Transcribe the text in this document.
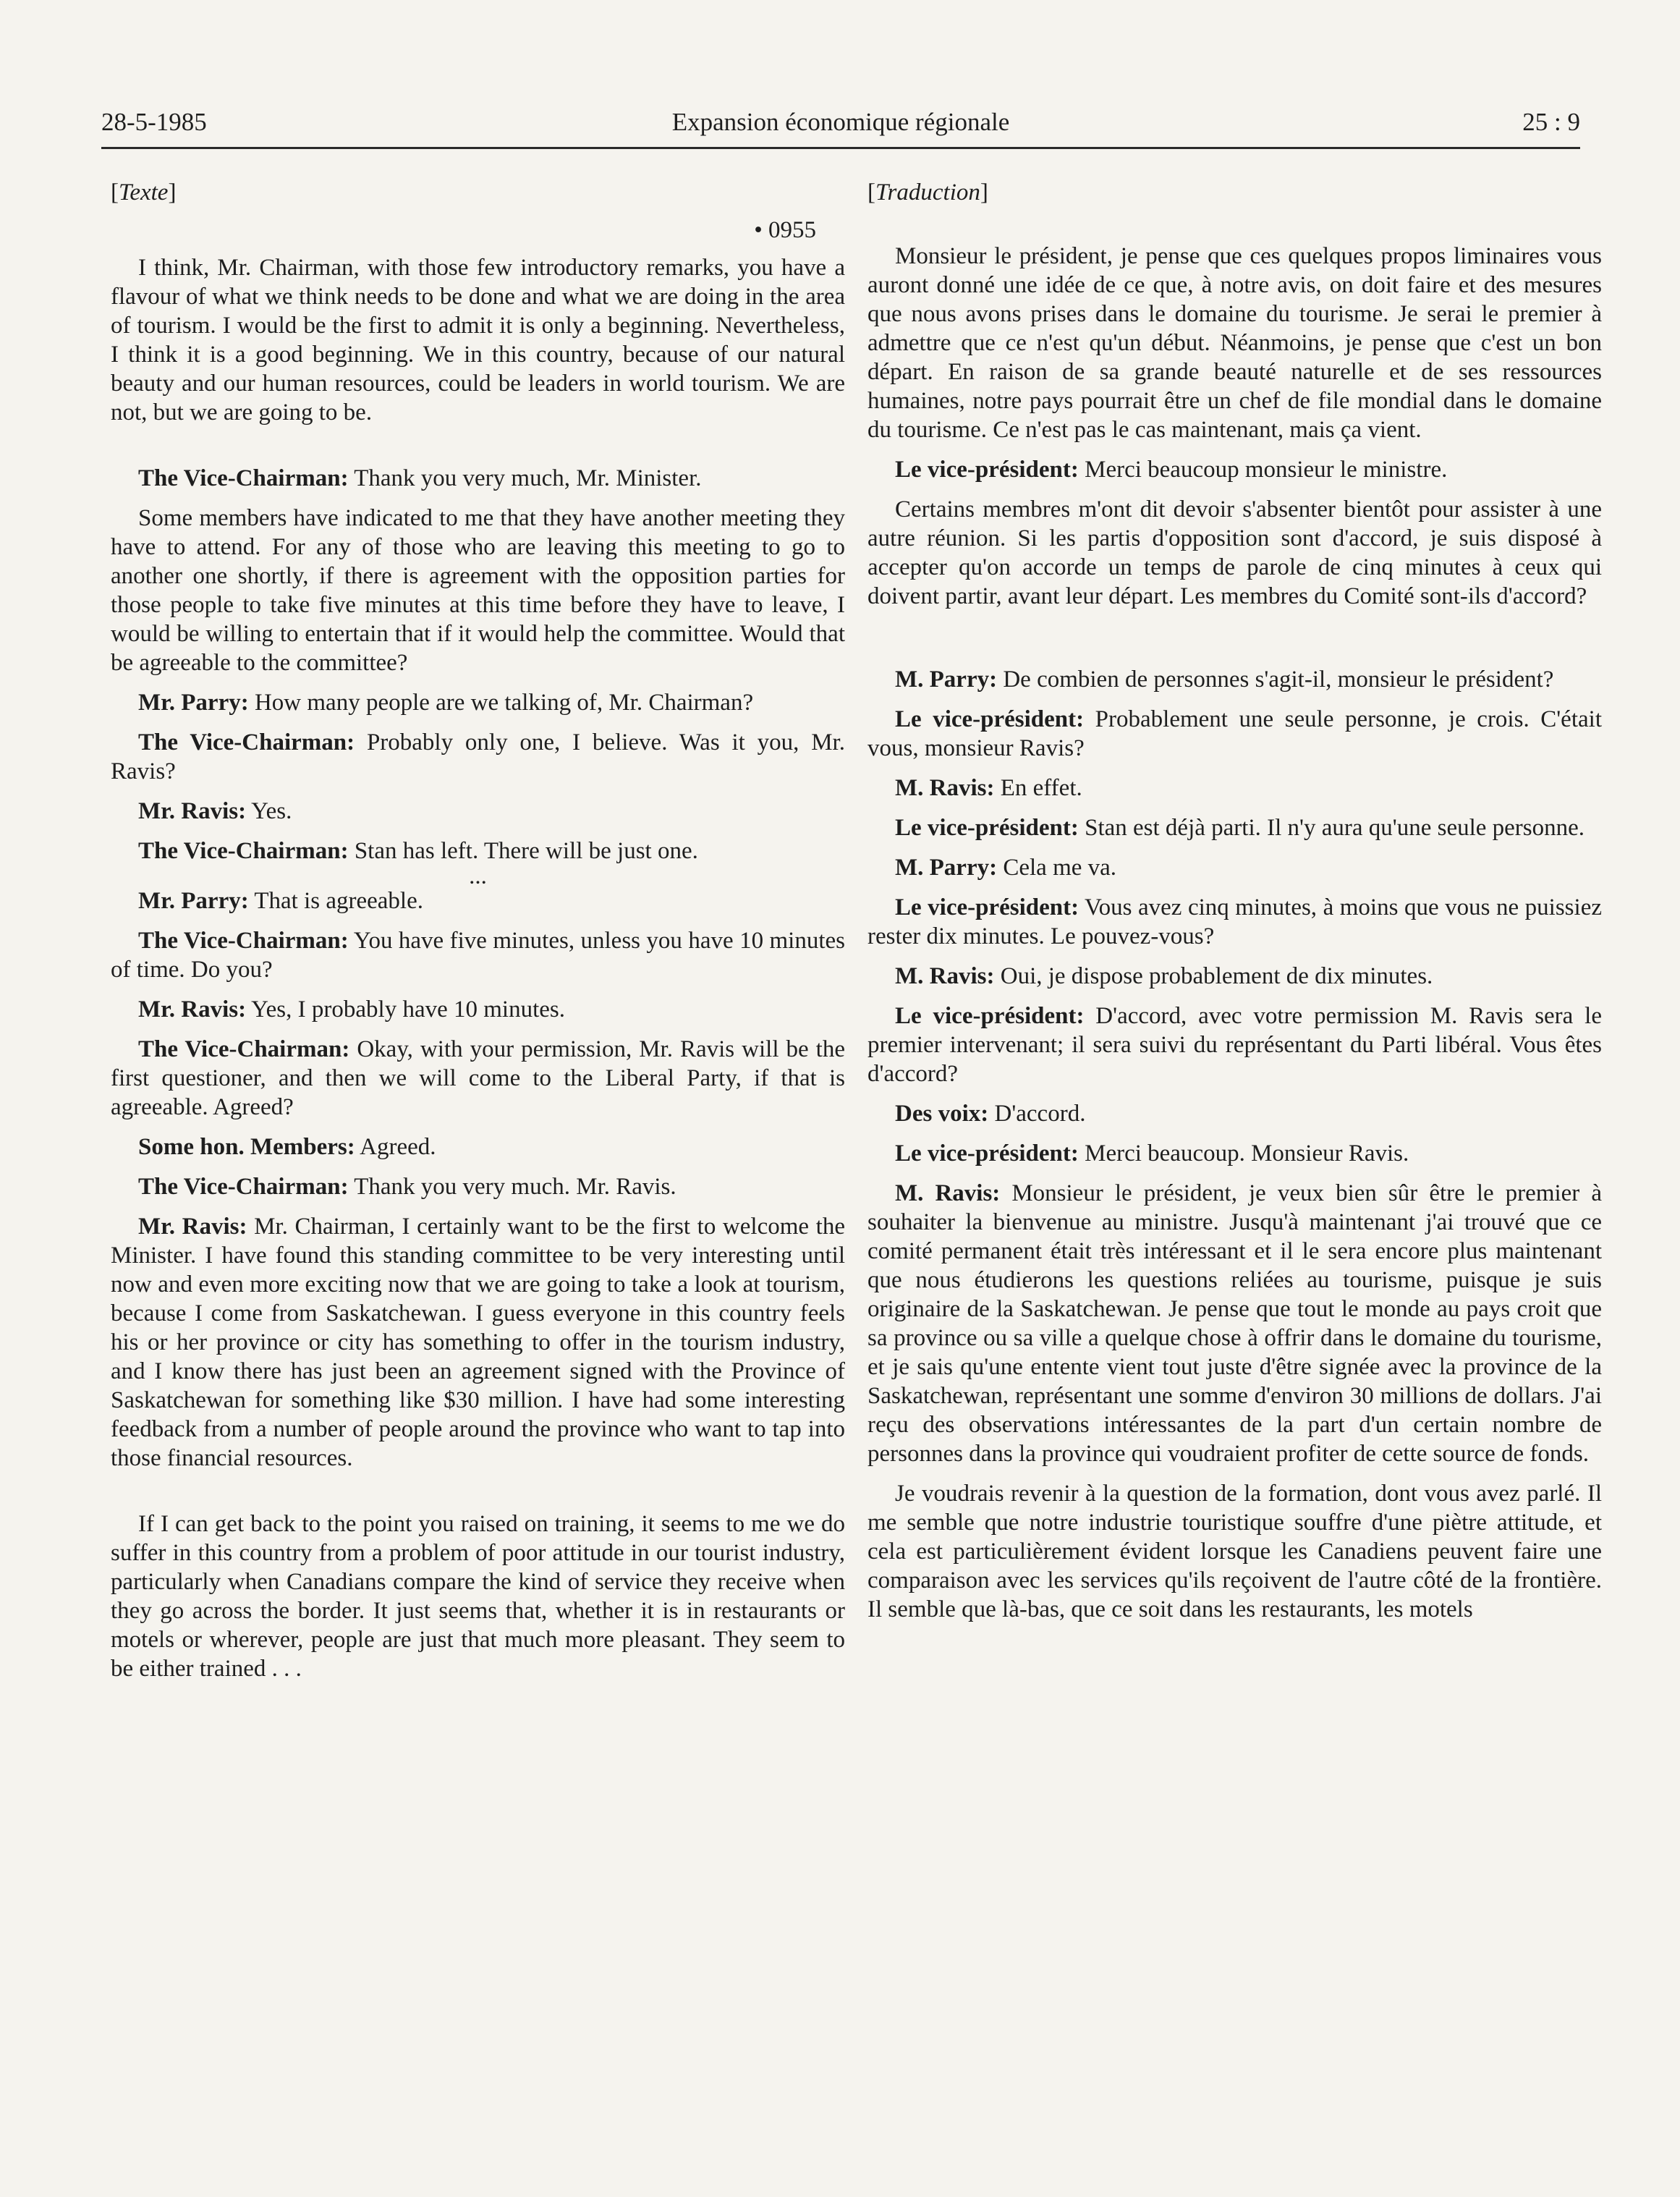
28-5-1985	Expansion économique régionale	25 : 9
[Texte]
• 0955

I think, Mr. Chairman, with those few introductory remarks, you have a flavour of what we think needs to be done and what we are doing in the area of tourism. I would be the first to admit it is only a beginning. Nevertheless, I think it is a good beginning. We in this country, because of our natural beauty and our human resources, could be leaders in world tourism. We are not, but we are going to be.

The Vice-Chairman: Thank you very much, Mr. Minister.

Some members have indicated to me that they have another meeting they have to attend. For any of those who are leaving this meeting to go to another one shortly, if there is agreement with the opposition parties for those people to take five minutes at this time before they have to leave, I would be willing to entertain that if it would help the committee. Would that be agreeable to the committee?

Mr. Parry: How many people are we talking of, Mr. Chairman?

The Vice-Chairman: Probably only one, I believe. Was it you, Mr. Ravis?

Mr. Ravis: Yes.

The Vice-Chairman: Stan has left. There will be just one.

...

Mr. Parry: That is agreeable.

The Vice-Chairman: You have five minutes, unless you have 10 minutes of time. Do you?

Mr. Ravis: Yes, I probably have 10 minutes.

The Vice-Chairman: Okay, with your permission, Mr. Ravis will be the first questioner, and then we will come to the Liberal Party, if that is agreeable. Agreed?

Some hon. Members: Agreed.

The Vice-Chairman: Thank you very much. Mr. Ravis.

Mr. Ravis: Mr. Chairman, I certainly want to be the first to welcome the Minister. I have found this standing committee to be very interesting until now and even more exciting now that we are going to take a look at tourism, because I come from Saskatchewan. I guess everyone in this country feels his or her province or city has something to offer in the tourism industry, and I know there has just been an agreement signed with the Province of Saskatchewan for something like $30 million. I have had some interesting feedback from a number of people around the province who want to tap into those financial resources.

If I can get back to the point you raised on training, it seems to me we do suffer in this country from a problem of poor attitude in our tourist industry, particularly when Canadians compare the kind of service they receive when they go across the border. It just seems that, whether it is in restaurants or motels or wherever, people are just that much more pleasant. They seem to be either trained . . .

[Traduction]

Monsieur le président, je pense que ces quelques propos liminaires vous auront donné une idée de ce que, à notre avis, on doit faire et des mesures que nous avons prises dans le domaine du tourisme. Je serai le premier à admettre que ce n'est qu'un début. Néanmoins, je pense que c'est un bon départ. En raison de sa grande beauté naturelle et de ses ressources humaines, notre pays pourrait être un chef de file mondial dans le domaine du tourisme. Ce n'est pas le cas maintenant, mais ça vient.

Le vice-président: Merci beaucoup monsieur le ministre.

Certains membres m'ont dit devoir s'absenter bientôt pour assister à une autre réunion. Si les partis d'opposition sont d'accord, je suis disposé à accepter qu'on accorde un temps de parole de cinq minutes à ceux qui doivent partir, avant leur départ. Les membres du Comité sont-ils d'accord?

M. Parry: De combien de personnes s'agit-il, monsieur le président?

Le vice-président: Probablement une seule personne, je crois. C'était vous, monsieur Ravis?

M. Ravis: En effet.

Le vice-président: Stan est déjà parti. Il n'y aura qu'une seule personne.

M. Parry: Cela me va.

Le vice-président: Vous avez cinq minutes, à moins que vous ne puissiez rester dix minutes. Le pouvez-vous?

M. Ravis: Oui, je dispose probablement de dix minutes.

Le vice-président: D'accord, avec votre permission M. Ravis sera le premier intervenant; il sera suivi du représentant du Parti libéral. Vous êtes d'accord?

Des voix: D'accord.

Le vice-président: Merci beaucoup. Monsieur Ravis.

M. Ravis: Monsieur le président, je veux bien sûr être le premier à souhaiter la bienvenue au ministre. Jusqu'à maintenant j'ai trouvé que ce comité permanent était très intéressant et il le sera encore plus maintenant que nous étudierons les questions reliées au tourisme, puisque je suis originaire de la Saskatchewan. Je pense que tout le monde au pays croit que sa province ou sa ville a quelque chose à offrir dans le domaine du tourisme, et je sais qu'une entente vient tout juste d'être signée avec la province de la Saskatchewan, représentant une somme d'environ 30 millions de dollars. J'ai reçu des observations intéressantes de la part d'un certain nombre de personnes dans la province qui voudraient profiter de cette source de fonds.

Je voudrais revenir à la question de la formation, dont vous avez parlé. Il me semble que notre industrie touristique souffre d'une piètre attitude, et cela est particulièrement évident lorsque les Canadiens peuvent faire une comparaison avec les services qu'ils reçoivent de l'autre côté de la frontière. Il semble que là-bas, que ce soit dans les restaurants, les motels
